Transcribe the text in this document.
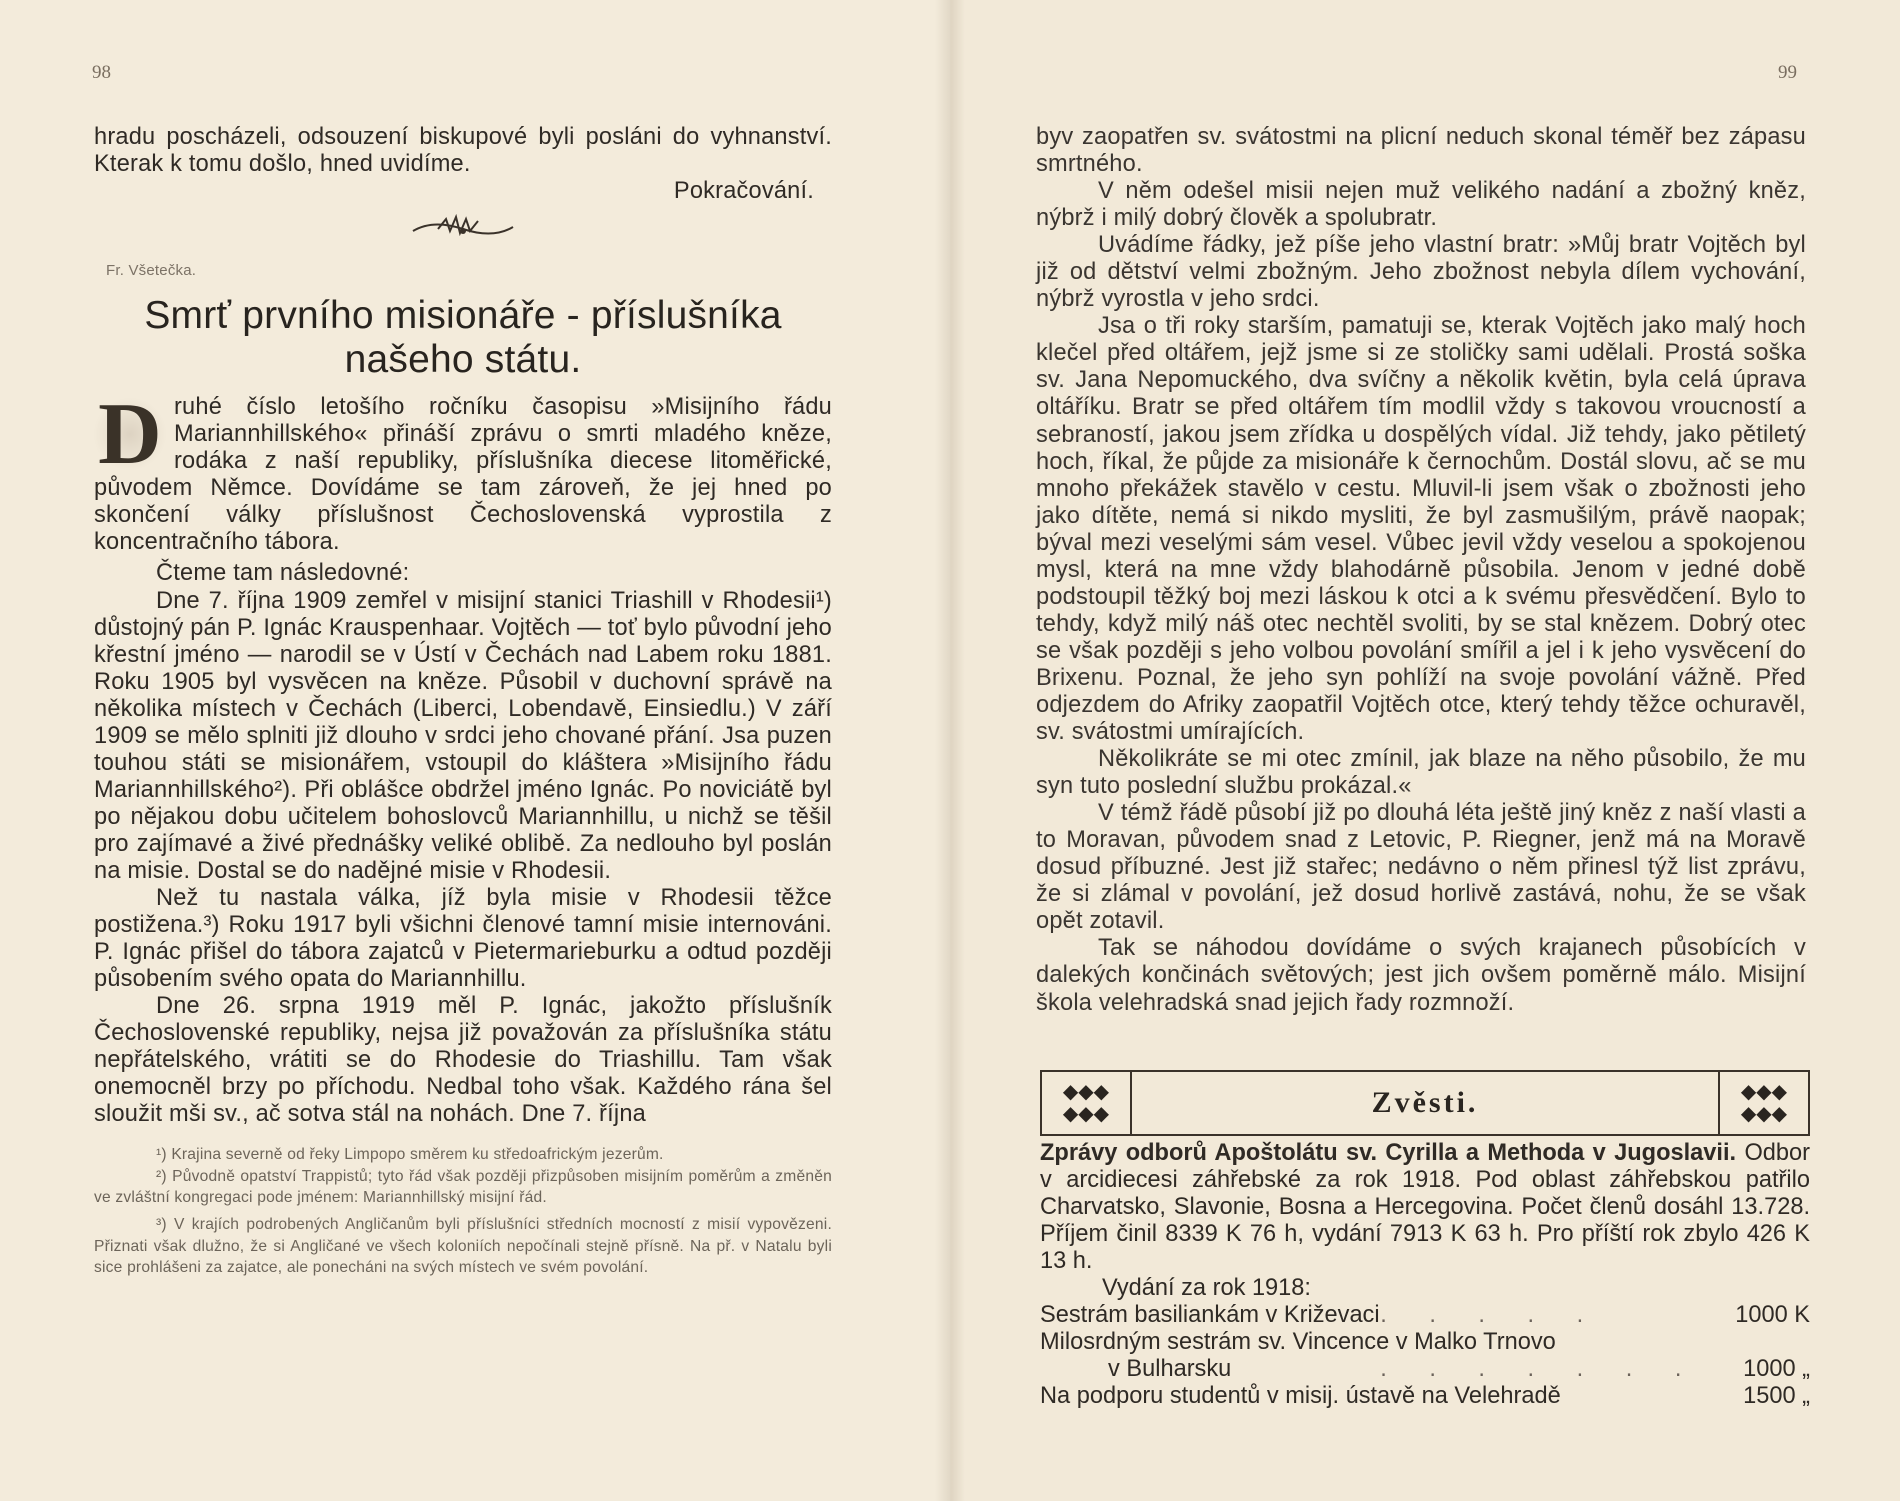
98

hradu poscházeli, odsouzení biskupové byli posláni do vyhnanství. Kterak k tomu došlo, hned uvidíme.

Pokračování.

Fr. Všetečka.
Smrť prvního misionáře - příslušníka
našeho státu.

D ruhé číslo letošího ročníku časopisu »Misijního řádu Mariannhillského« přináší zprávu o smrti mladého kněze, rodáka z naší republiky, příslušníka diecese litoměřické, původem Němce. Dovídáme se tam zároveň, že jej hned po skončení války příslušnost Čechoslovenská vyprostila z koncentračního tábora.

Čteme tam následovné:

Dne 7. října 1909 zemřel v misijní stanici Triashill v Rhodesii¹) důstojný pán P. Ignác Krauspenhaar. Vojtěch — toť bylo původní jeho křestní jméno — narodil se v Ústí v Čechách nad Labem roku 1881. Roku 1905 byl vysvěcen na kněze. Působil v duchovní správě na několika místech v Čechách (Liberci, Lobendavě, Einsiedlu.) V září 1909 se mělo splniti již dlouho v srdci jeho chované přání. Jsa puzen touhou státi se misionářem, vstoupil do kláštera »Misijního řádu Mariannhillského²). Při oblášce obdržel jméno Ignác. Po noviciátě byl po nějakou dobu učitelem bohoslovců Mariannhillu, u nichž se těšil pro zajímavé a živé přednášky veliké oblibě. Za nedlouho byl poslán na misie. Dostal se do nadějné misie v Rhodesii.

Než tu nastala válka, jíž byla misie v Rhodesii těžce postižena.³) Roku 1917 byli všichni členové tamní misie internováni. P. Ignác přišel do tábora zajatců v Pietermarieburku a odtud později působením svého opata do Mariannhillu.

Dne 26. srpna 1919 měl P. Ignác, jakožto příslušník Čechoslovenské republiky, nejsa již považován za příslušníka státu nepřátelského, vrátiti se do Rhodesie do Triashillu. Tam však onemocněl brzy po příchodu. Nedbal toho však. Každého rána šel sloužit mši sv., ač sotva stál na nohách. Dne 7. října

¹) Krajina severně od řeky Limpopo směrem ku středoafrickým jezerům.

²) Původně opatství Trappistů; tyto řád však později přizpůsoben misijním poměrům a změněn ve zvláštní kongregaci pode jménem: Mariannhillský misijní řád.

³) V krajích podrobených Angličanům byli příslušníci středních mocností z misií vypovězeni. Přiznati však dlužno, že si Angličané ve všech koloniích nepočínali stejně přísně. Na př. v Natalu byli sice prohlášeni za zajatce, ale ponecháni na svých místech ve svém povolání.

99

byv zaopatřen sv. svátostmi na plicní neduch skonal téměř bez zápasu smrtného.

V něm odešel misii nejen muž velikého nadání a zbožný kněz, nýbrž i milý dobrý člověk a spolubratr.

Uvádíme řádky, jež píše jeho vlastní bratr: »Můj bratr Vojtěch byl již od dětství velmi zbožným. Jeho zbožnost nebyla dílem vychování, nýbrž vyrostla v jeho srdci.

Jsa o tři roky starším, pamatuji se, kterak Vojtěch jako malý hoch klečel před oltářem, jejž jsme si ze stoličky sami udělali. Prostá soška sv. Jana Nepomuckého, dva svíčny a několik květin, byla celá úprava oltáříku. Bratr se před oltářem tím modlil vždy s takovou vroucností a sebraností, jakou jsem zřídka u dospělých vídal. Již tehdy, jako pětiletý hoch, říkal, že půjde za misionáře k černochům. Dostál slovu, ač se mu mnoho překážek stavělo v cestu. Mluvil-li jsem však o zbožnosti jeho jako dítěte, nemá si nikdo mysliti, že byl zasmušilým, právě naopak; býval mezi veselými sám vesel. Vůbec jevil vždy veselou a spokojenou mysl, která na mne vždy blahodárně působila. Jenom v jedné době podstoupil těžký boj mezi láskou k otci a k svému přesvědčení. Bylo to tehdy, když milý náš otec nechtěl svoliti, by se stal knězem. Dobrý otec se však později s jeho volbou povolání smířil a jel i k jeho vysvěcení do Brixenu. Poznal, že jeho syn pohlíží na svoje povolání vážně. Před odjezdem do Afriky zaopatřil Vojtěch otce, který tehdy těžce ochuravěl, sv. svátostmi umírajících.

Několikráte se mi otec zmínil, jak blaze na něho působilo, že mu syn tuto poslední službu prokázal.«

V témž řádě působí již po dlouhá léta ještě jiný kněz z naší vlasti a to Moravan, původem snad z Letovic, P. Riegner, jenž má na Moravě dosud příbuzné. Jest již stařec; nedávno o něm přinesl týž list zprávu, že si zlámal v povolání, jež dosud horlivě zastává, nohu, že se však opět zotavil.

Tak se náhodou dovídáme o svých krajanech působících v dalekých končinách světových; jest jich ovšem poměrně málo. Misijní škola velehradská snad jejich řady rozmnoží.

◆◆◆
◆◆◆	Zvěsti.	◆◆◆
◆◆◆

Zprávy odborů Apoštolátu sv. Cyrilla a Methoda v Jugoslavii. Odbor v arcidiecesi záhřebské za rok 1918. Pod oblast záhřebskou patřilo Charvatsko, Slavonie, Bosna a Hercegovina. Počet členů dosáhl 13.728. Příjem činil 8339 K 76 h, vydání 7913 K 63 h. Pro příští rok zbylo 426 K 13 h.

Vydání za rok 1918:

Sestrám basiliankám v Križevaci	. . . . .	1000 K
Milosrdným sestrám sv. Vincence v Malko Trnovo		
v Bulharsku	. . . . . . .	1000 „
Na podporu studentů v misij. ústavě na Velehradě		1500 „
